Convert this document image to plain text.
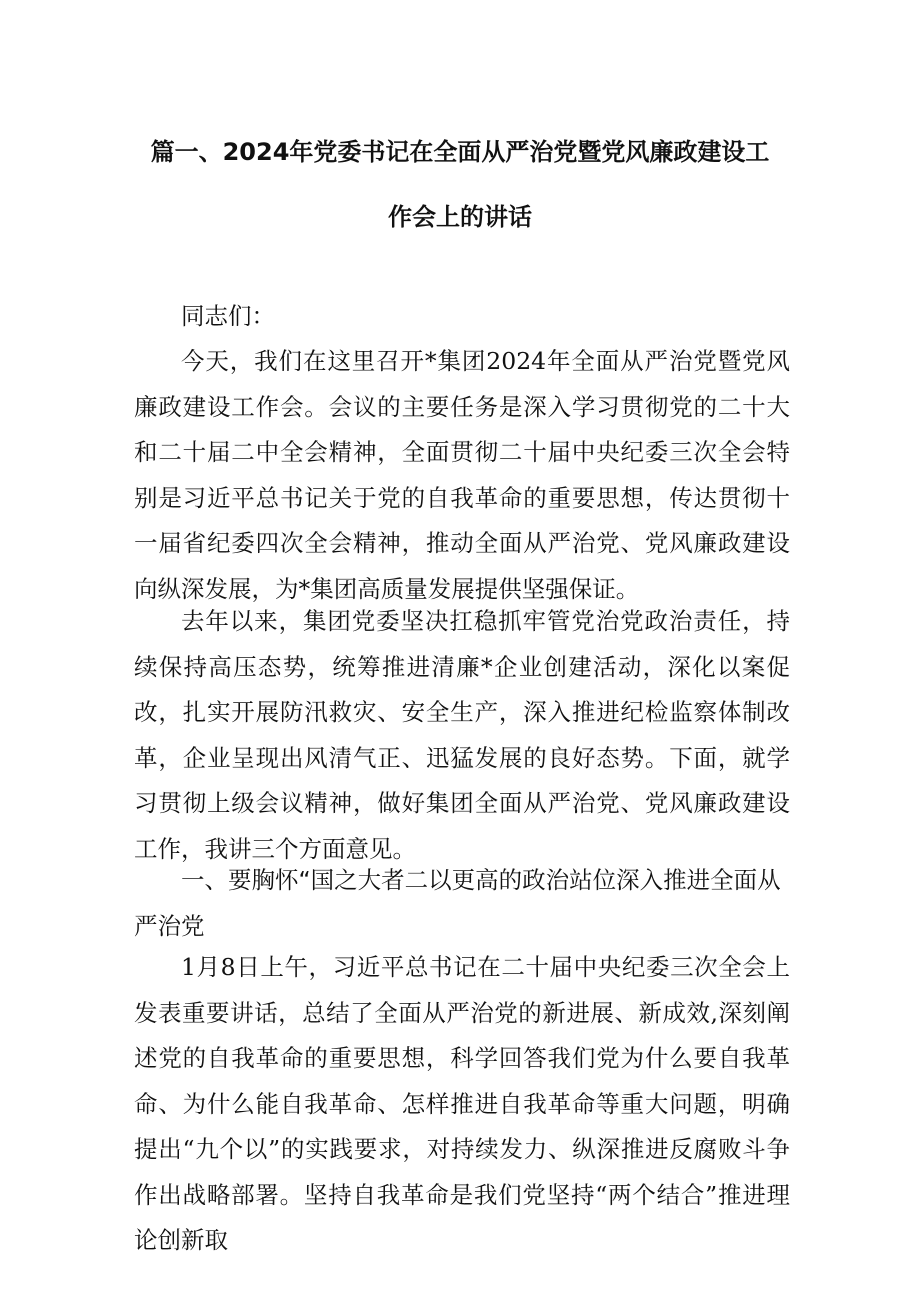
篇一、2024年党委书记在全面从严治党暨党风廉政建设工
作会上的讲话
同志们：

今天，我们在这里召开*集团2024年全面从严治党暨党风廉政建设工作会。会议的主要任务是深入学习贯彻党的二十大和二十届二中全会精神，全面贯彻二十届中央纪委三次全会特别是习近平总书记关于党的自我革命的重要思想，传达贯彻十一届省纪委四次全会精神，推动全面从严治党、党风廉政建设向纵深发展，为*集团高质量发展提供坚强保证。

去年以来，集团党委坚决扛稳抓牢管党治党政治责任，持续保持高压态势，统筹推进清廉*企业创建活动，深化以案促改，扎实开展防汛救灾、安全生产，深入推进纪检监察体制改革，企业呈现出风清气正、迅猛发展的良好态势。下面，就学习贯彻上级会议精神，做好集团全面从严治党、党风廉政建设工作，我讲三个方面意见。

一、要胸怀“国之大者二以更高的政治站位深入推进全面从严治党

1月8日上午，习近平总书记在二十届中央纪委三次全会上发表重要讲话，总结了全面从严治党的新进展、新成效,深刻阐述党的自我革命的重要思想，科学回答我们党为什么要自我革命、为什么能自我革命、怎样推进自我革命等重大问题，明确提出“九个以”的实践要求，对持续发力、纵深推进反腐败斗争作出战略部署。坚持自我革命是我们党坚持“两个结合”推进理论创新取
